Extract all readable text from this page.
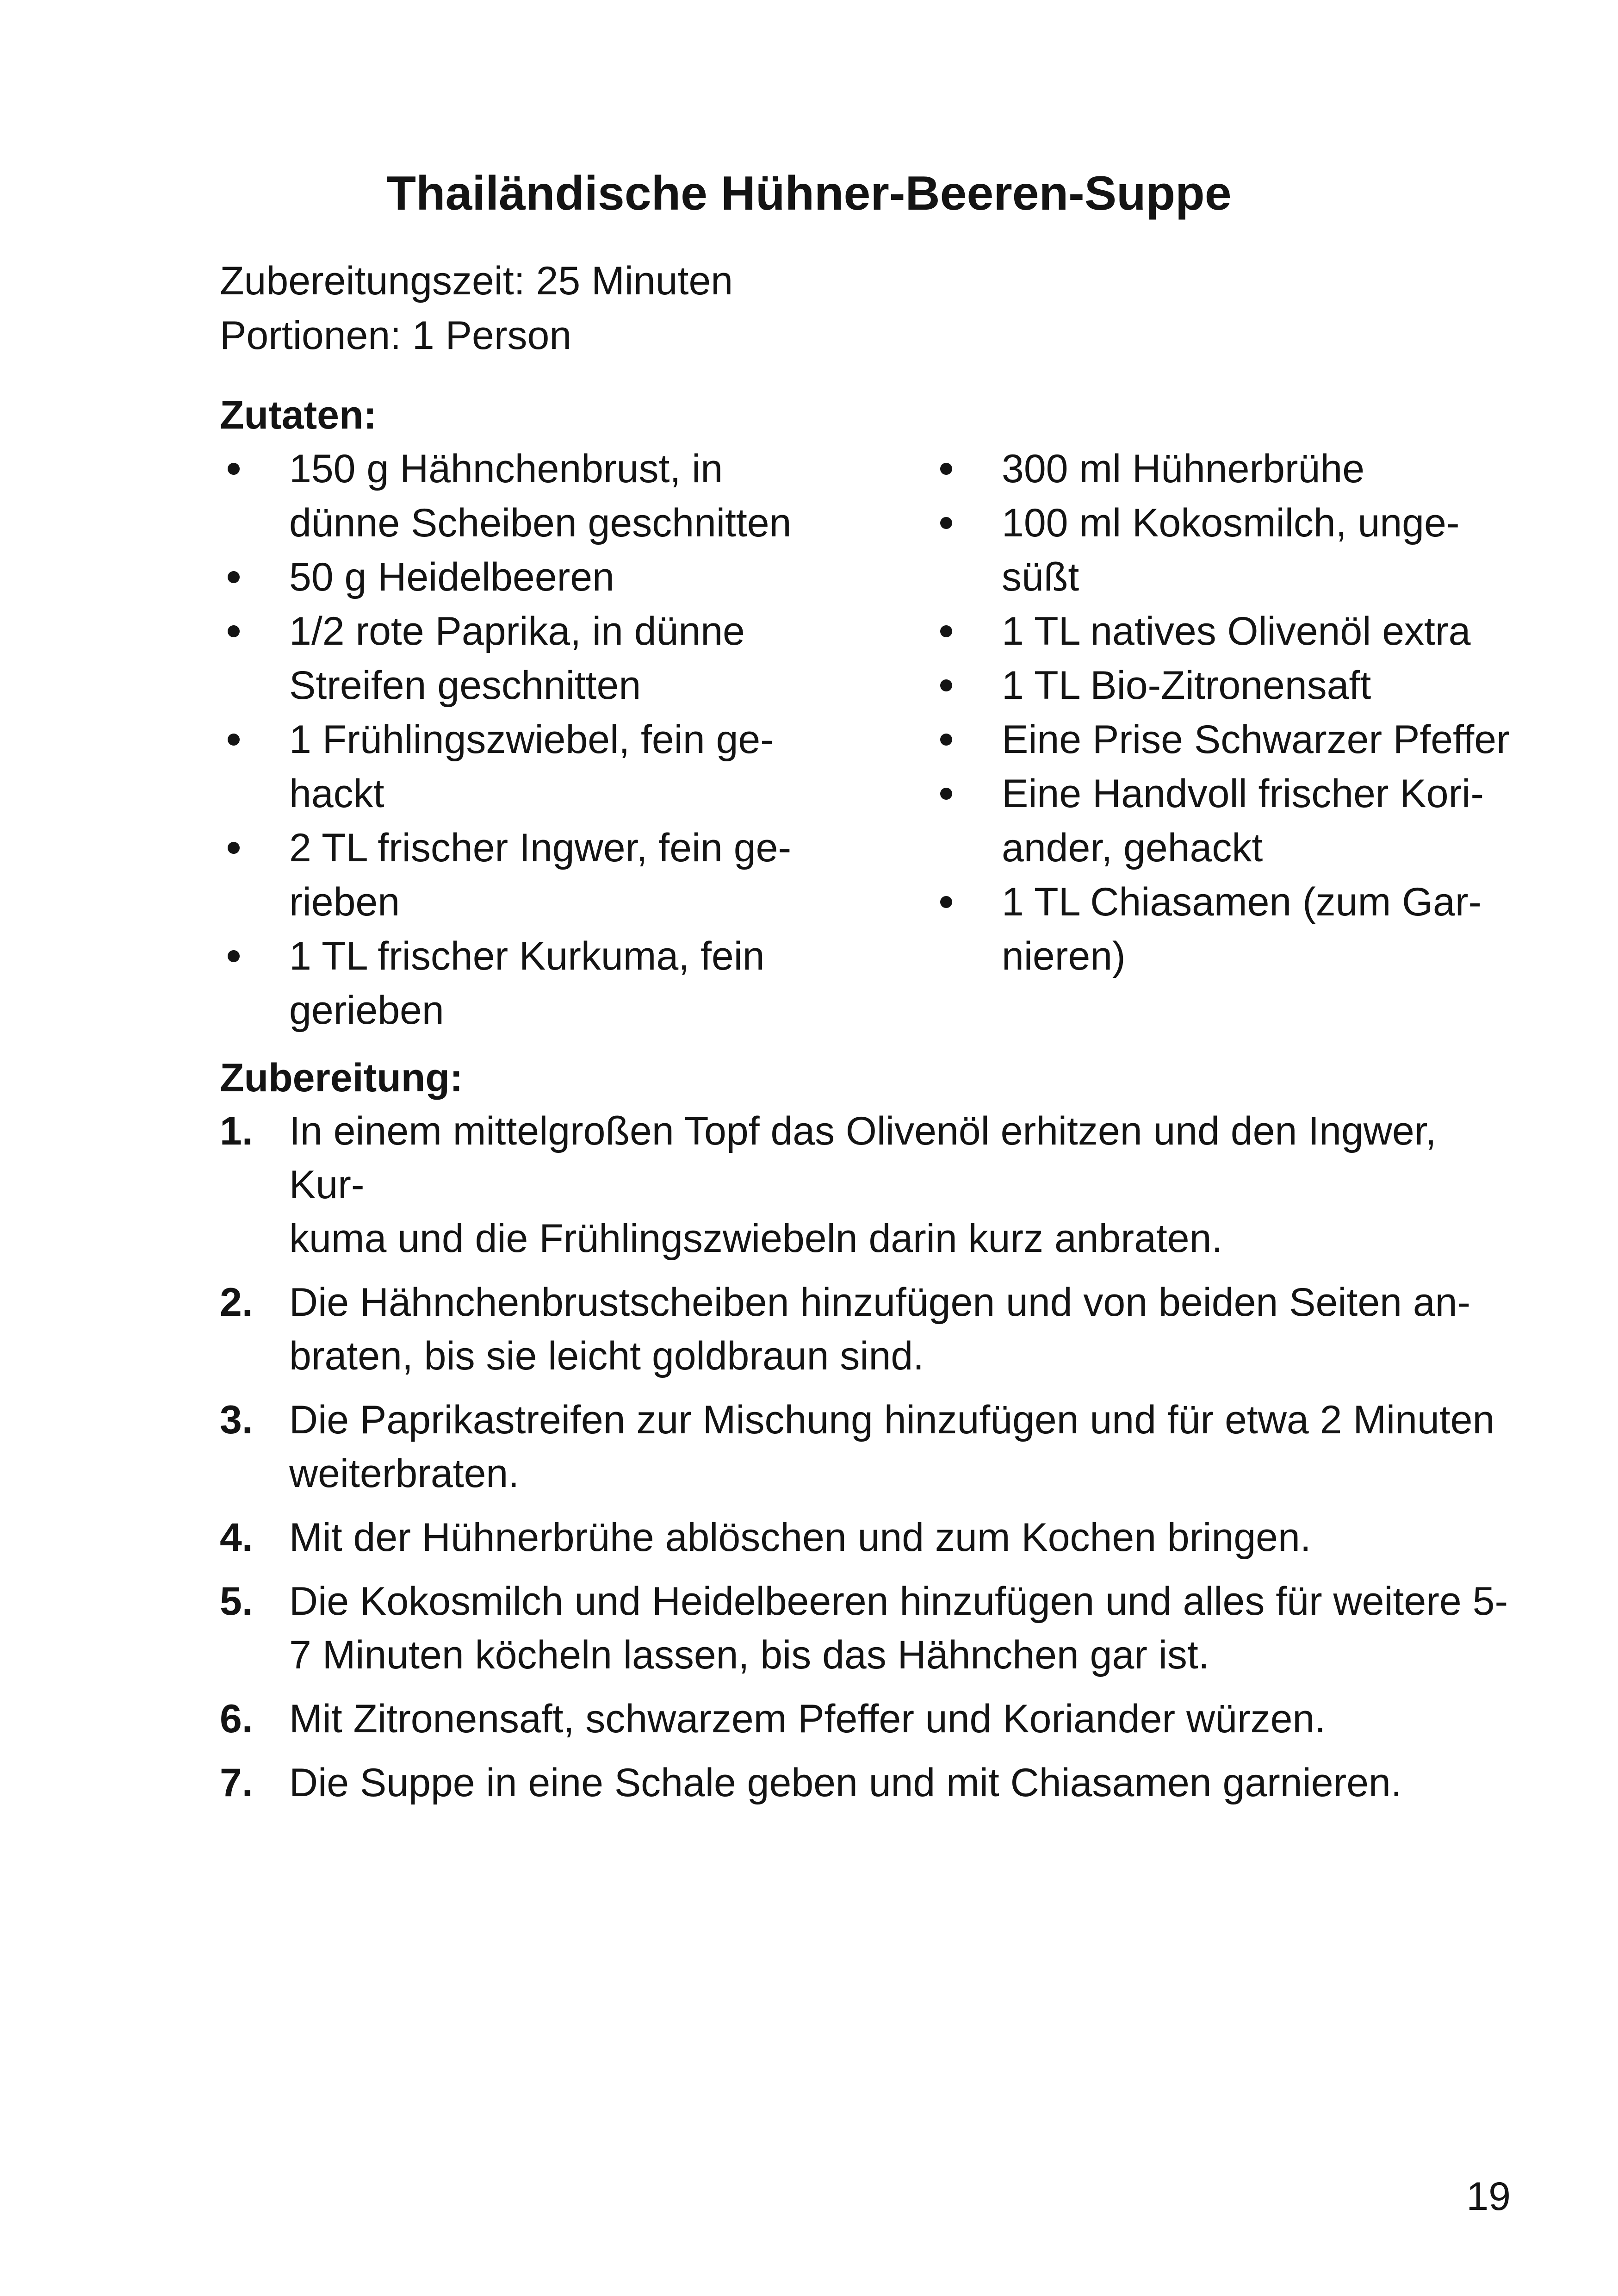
Thailändische Hühner-Beeren-Suppe
Zubereitungszeit: 25 Minuten
Portionen: 1 Person
Zutaten:
150 g Hähnchenbrust, in
dünne Scheiben geschnitten
50 g Heidelbeeren
1/2 rote Paprika, in dünne
Streifen geschnitten
1 Frühlingszwiebel, fein ge-
hackt
2 TL frischer Ingwer, fein ge-
rieben
1 TL frischer Kurkuma, fein
gerieben
300 ml Hühnerbrühe
100 ml Kokosmilch, unge-
süßt
1 TL natives Olivenöl extra
1 TL Bio-Zitronensaft
Eine Prise Schwarzer Pfeffer
Eine Handvoll frischer Kori-
ander, gehackt
1 TL Chiasamen (zum Gar-
nieren)
Zubereitung:
1. In einem mittelgroßen Topf das Olivenöl erhitzen und den Ingwer, Kur-
kuma und die Frühlingszwiebeln darin kurz anbraten.
2. Die Hähnchenbrustscheiben hinzufügen und von beiden Seiten an-
braten, bis sie leicht goldbraun sind.
3. Die Paprikastreifen zur Mischung hinzufügen und für etwa 2 Minuten
weiterbraten.
4. Mit der Hühnerbrühe ablöschen und zum Kochen bringen.
5. Die Kokosmilch und Heidelbeeren hinzufügen und alles für weitere 5-
7 Minuten köcheln lassen, bis das Hähnchen gar ist.
6. Mit Zitronensaft, schwarzem Pfeffer und Koriander würzen.
7. Die Suppe in eine Schale geben und mit Chiasamen garnieren.
19
